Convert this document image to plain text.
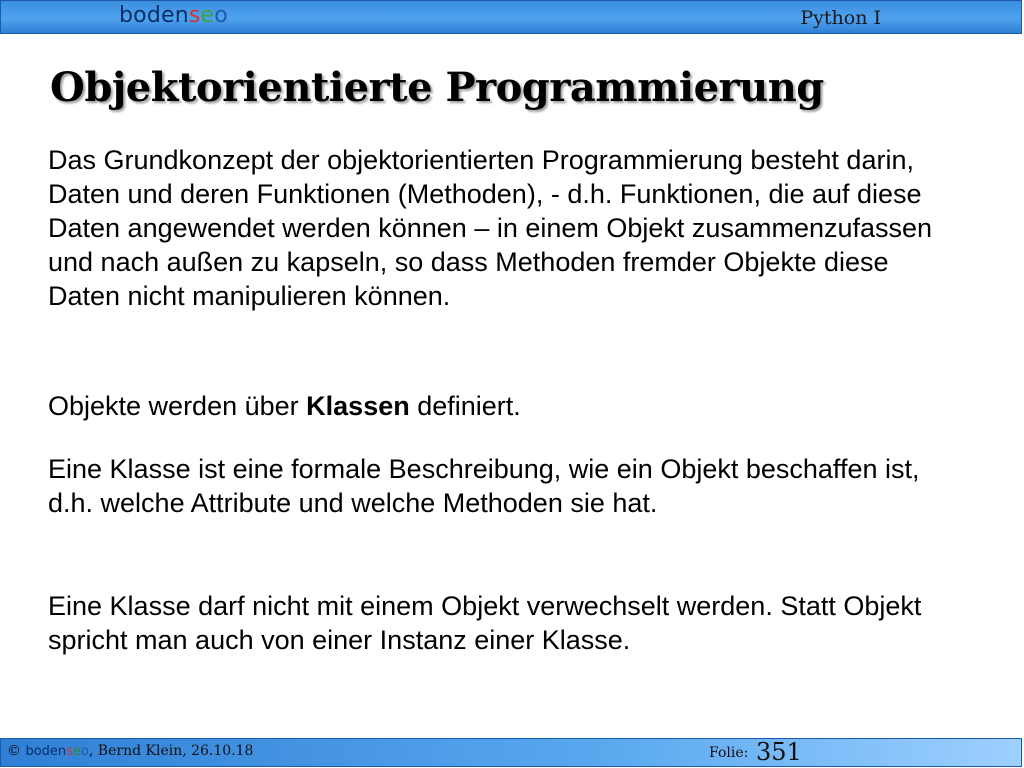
bodenseo	Python I
Objektorientierte Programmierung

Das Grundkonzept der objektorientierten Programmierung besteht darin, Daten und deren Funktionen (Methoden), - d.h. Funktionen, die auf diese Daten angewendet werden können – in einem Objekt zusammenzufassen und nach außen zu kapseln, so dass Methoden fremder Objekte diese Daten nicht manipulieren können.

Objekte werden über Klassen definiert.

Eine Klasse ist eine formale Beschreibung, wie ein Objekt beschaffen ist, d.h. welche Attribute und welche Methoden sie hat.

Eine Klasse darf nicht mit einem Objekt verwechselt werden. Statt Objekt spricht man auch von einer Instanz einer Klasse.

© bodenseo, Bernd Klein, 26.10.18	Folie: 351
